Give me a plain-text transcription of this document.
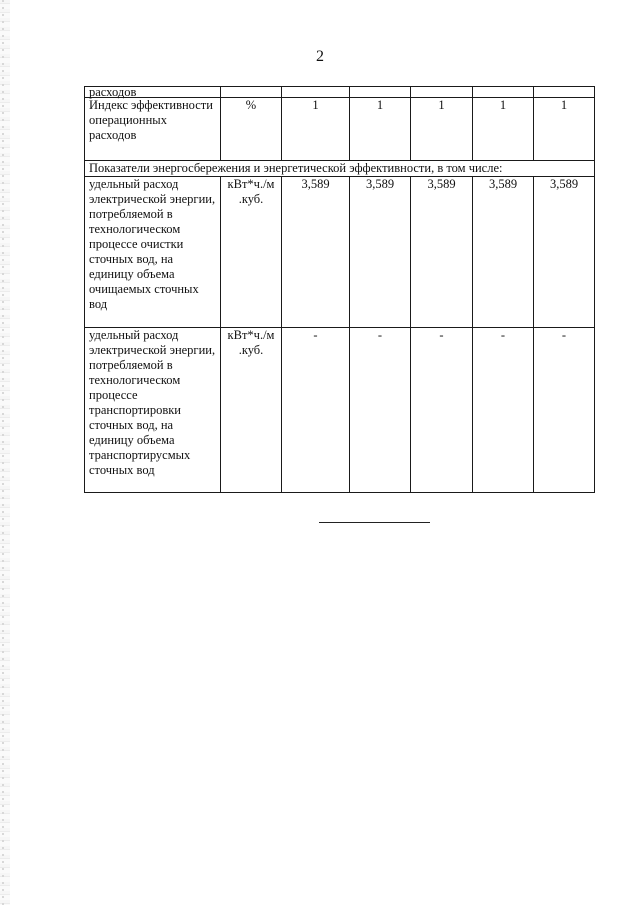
2
расходов						
Индекс эффективности операционных расходов	%	1	1	1	1	1
Показатели энергосбережения и энергетической эффективности, в том числе:						
удельный расход электрической энергии, потребляемой в технологическом процессе очистки сточных вод, на единицу объема очищаемых сточных вод	кВт*ч./м .куб.	3,589	3,589	3,589	3,589	3,589
удельный расход электрической энергии, потребляемой в технологическом процессе транспортировки сточных вод, на единицу объема транспортирусмых сточных вод	кВт*ч./м .куб.	-	-	-	-	-
